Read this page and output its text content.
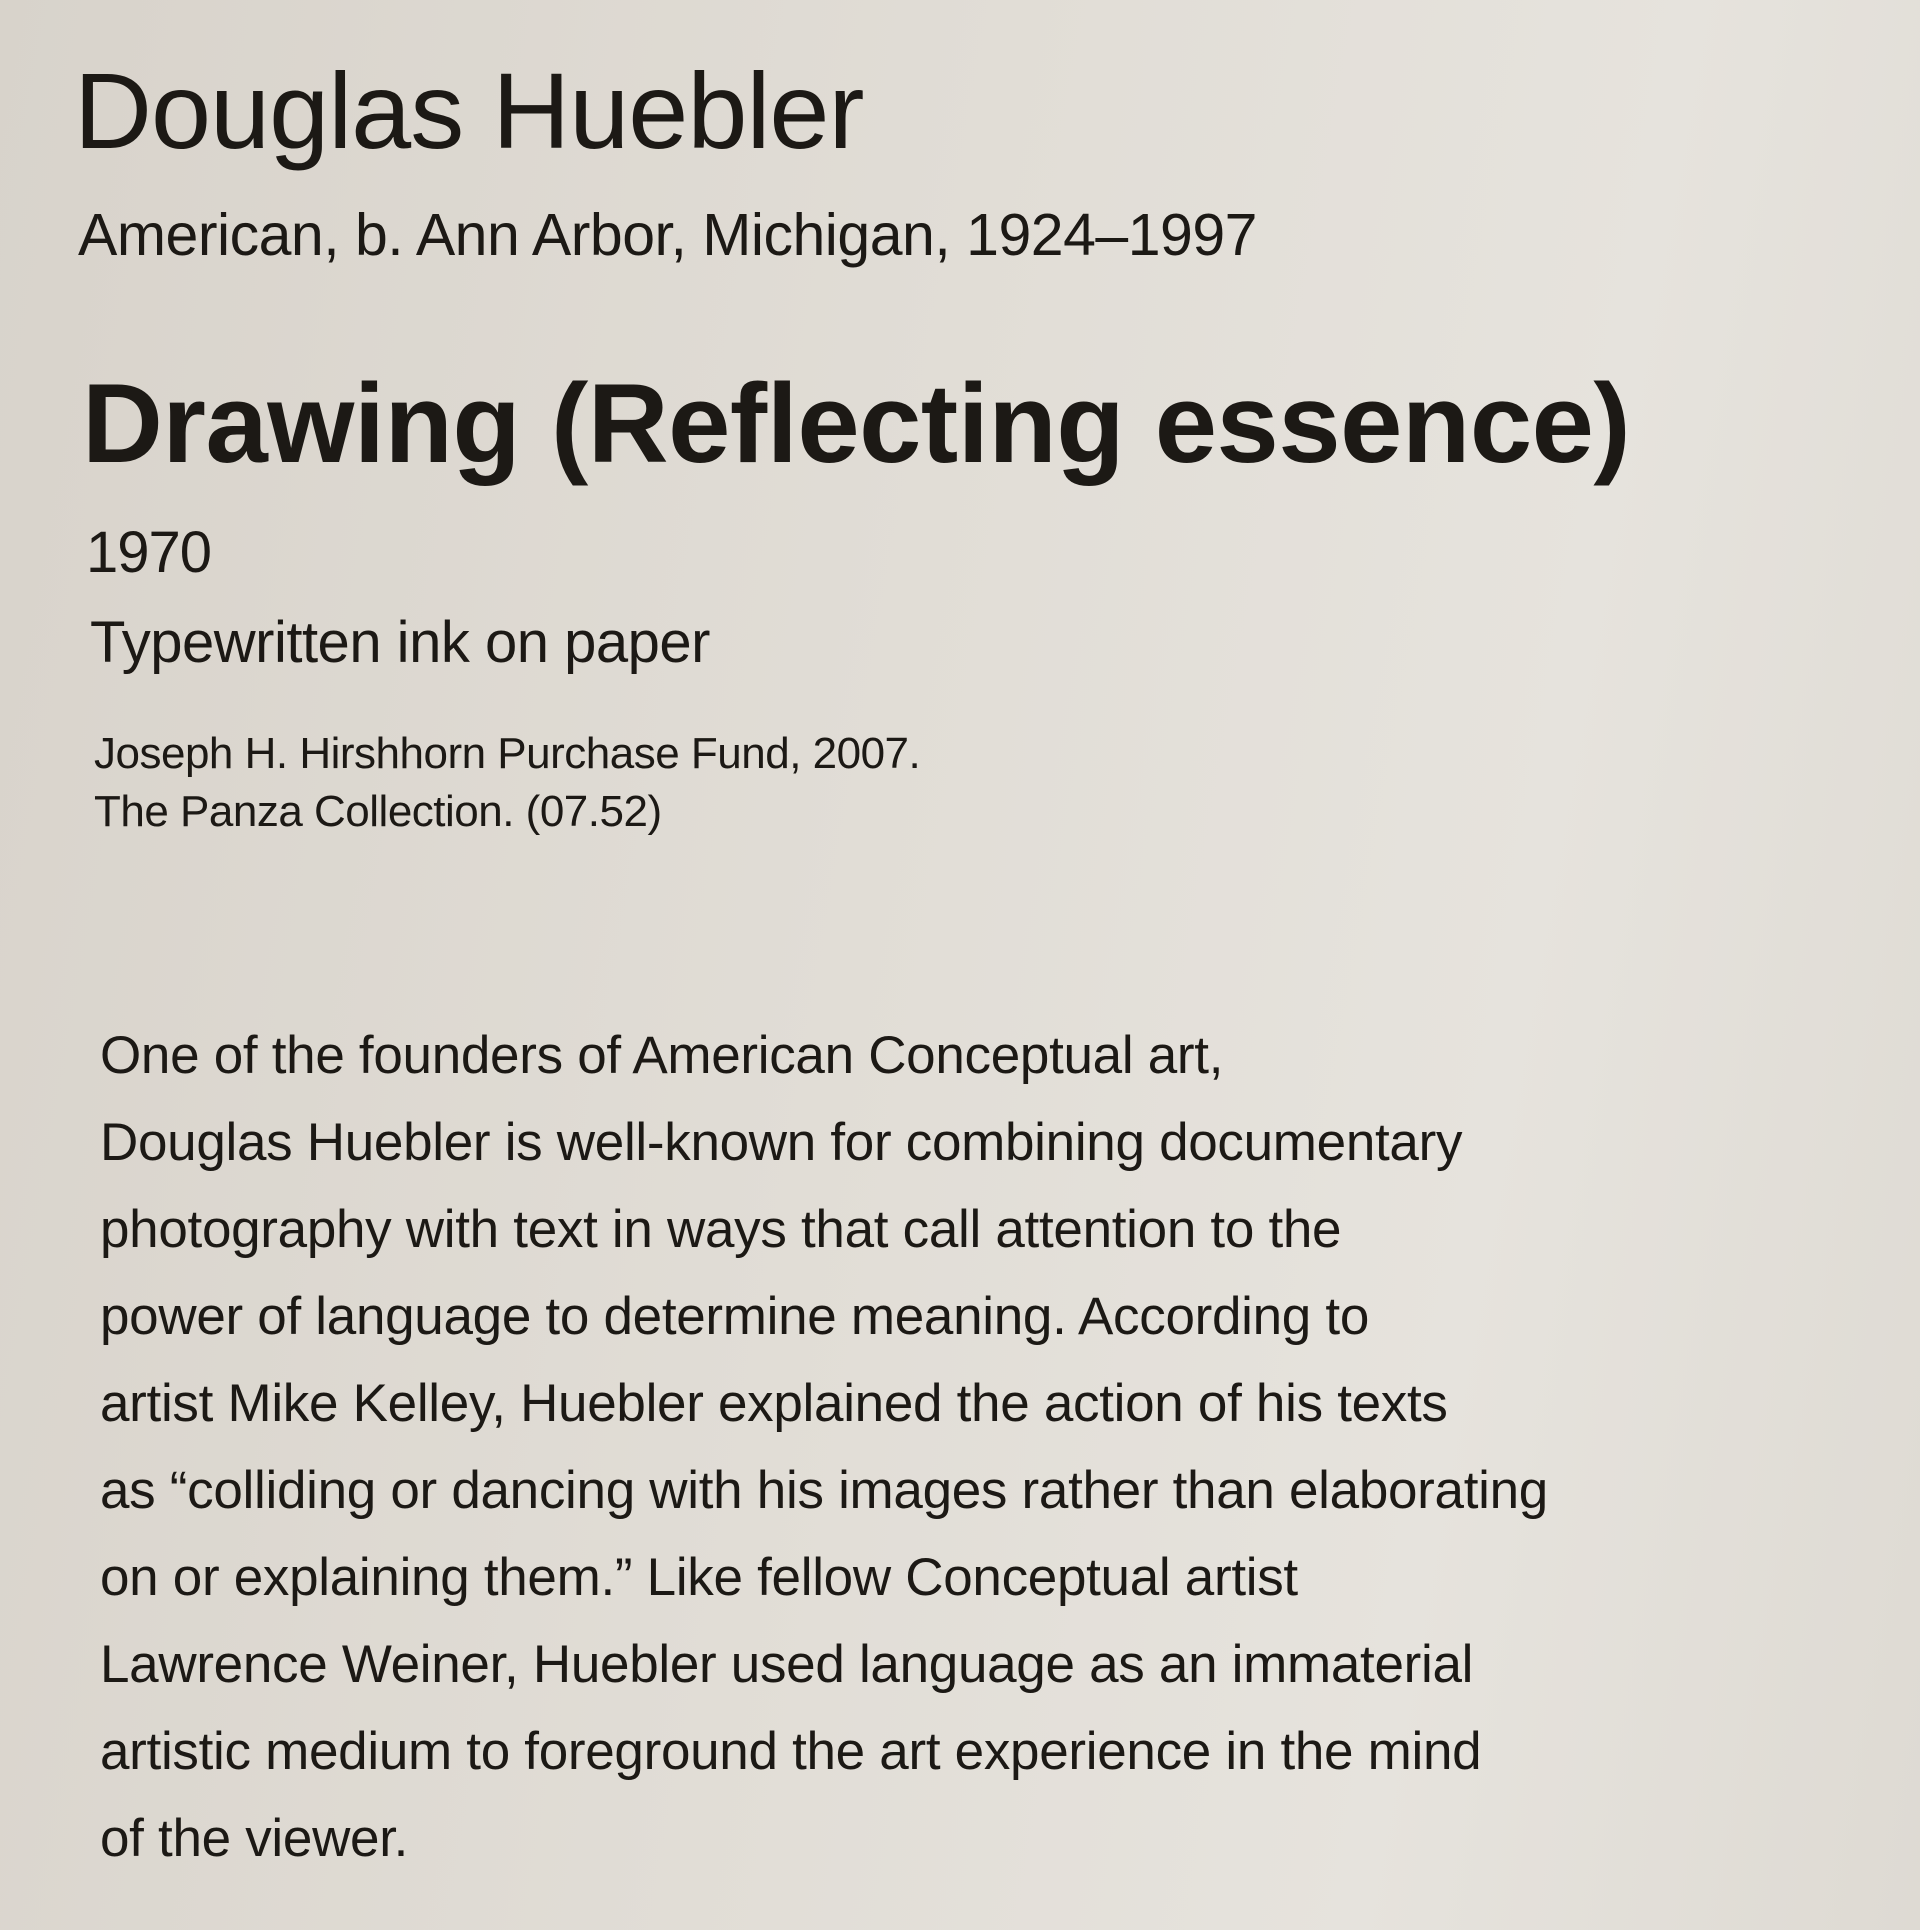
Douglas Huebler

American, b. Ann Arbor, Michigan, 1924–1997

Drawing (Reflecting essence)

1970

Typewritten ink on paper

Joseph H. Hirshhorn Purchase Fund, 2007.
The Panza Collection. (07.52)

One of the founders of American Conceptual art,
Douglas Huebler is well-known for combining documentary
photography with text in ways that call attention to the
power of language to determine meaning. According to
artist Mike Kelley, Huebler explained the action of his texts
as “colliding or dancing with his images rather than elaborating
on or explaining them.” Like fellow Conceptual artist
Lawrence Weiner, Huebler used language as an immaterial
artistic medium to foreground the art experience in the mind
of the viewer.
